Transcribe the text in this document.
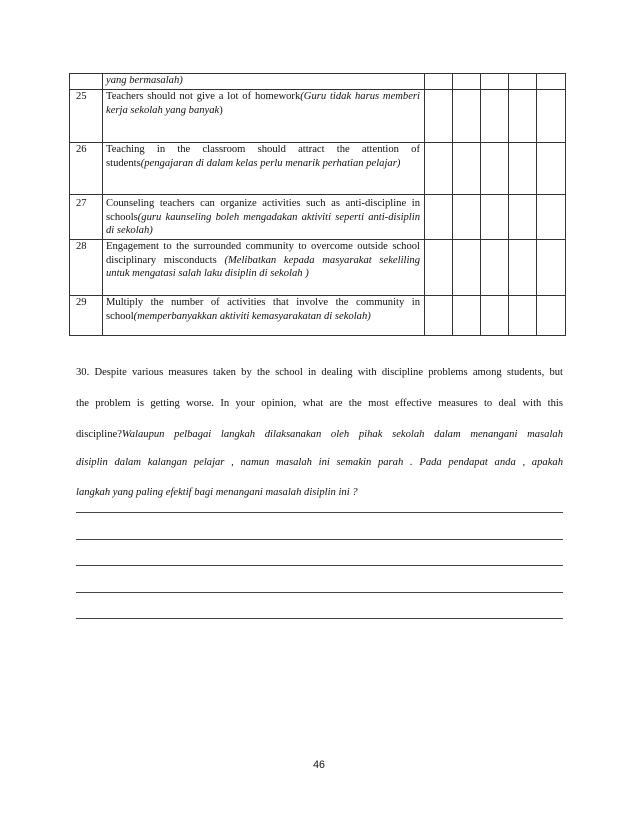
	yang bermasalah)					

25	Teachers should not give a lot of homework(Guru tidak harus memberi kerja sekolah yang banyak)					

26	Teaching in the classroom should attract the attention of students(pengajaran di dalam kelas perlu menarik perhatian pelajar)					

27	Counseling teachers can organize activities such as anti-discipline in schools(guru kaunseling boleh mengadakan aktiviti seperti anti-disiplin di sekolah)					

28	Engagement to the surrounded community to overcome outside school disciplinary misconducts (Melibatkan kepada masyarakat sekeliling untuk mengatasi salah laku disiplin di sekolah )					

29	Multiply the number of activities that involve the community in school(memperbanyakkan aktiviti kemasyarakatan di sekolah)					
30. Despite various measures taken by the school in dealing with discipline problems among students, but
the problem is getting worse. In your opinion, what are the most effective measures to deal with this
discipline?Walaupun pelbagai langkah dilaksanakan oleh pihak sekolah dalam menangani masalah
disiplin dalam kalangan pelajar , namun masalah ini semakin parah . Pada pendapat anda , apakah
langkah yang paling efektif bagi menangani masalah disiplin ini ?
46
